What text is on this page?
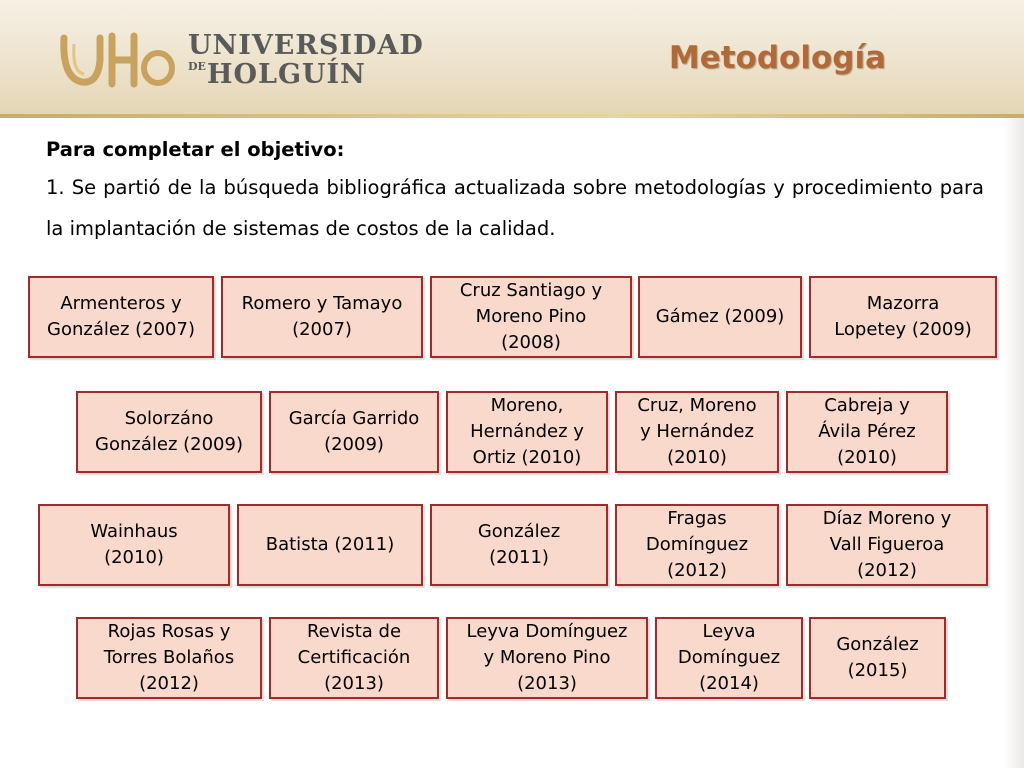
UNIVERSIDAD
$^{DE}$HOLGUÍN	Metodología
Para completar el objetivo:
1. Se partió de la búsqueda bibliográfica actualizada sobre metodologías y procedimiento para la implantación de sistemas de costos de la calidad.
Armenteros y
González (2007)
Romero y Tamayo
(2007)
Cruz Santiago y
Moreno Pino
(2008)
Gámez (2009)
Mazorra
Lopetey (2009)
Solorzáno
González (2009)
García Garrido
(2009)
Moreno,
Hernández y
Ortiz (2010)
Cruz, Moreno
y Hernández
(2010)
Cabreja y
Ávila Pérez
(2010)
Wainhaus
(2010)
Batista (2011)
González
(2011)
Fragas
Domínguez
(2012)
Díaz Moreno y
Vall Figueroa
(2012)
Rojas Rosas y
Torres Bolaños
(2012)
Revista de
Certificación
(2013)
Leyva Domínguez
y Moreno Pino
(2013)
Leyva
Domínguez
(2014)
González
(2015)
